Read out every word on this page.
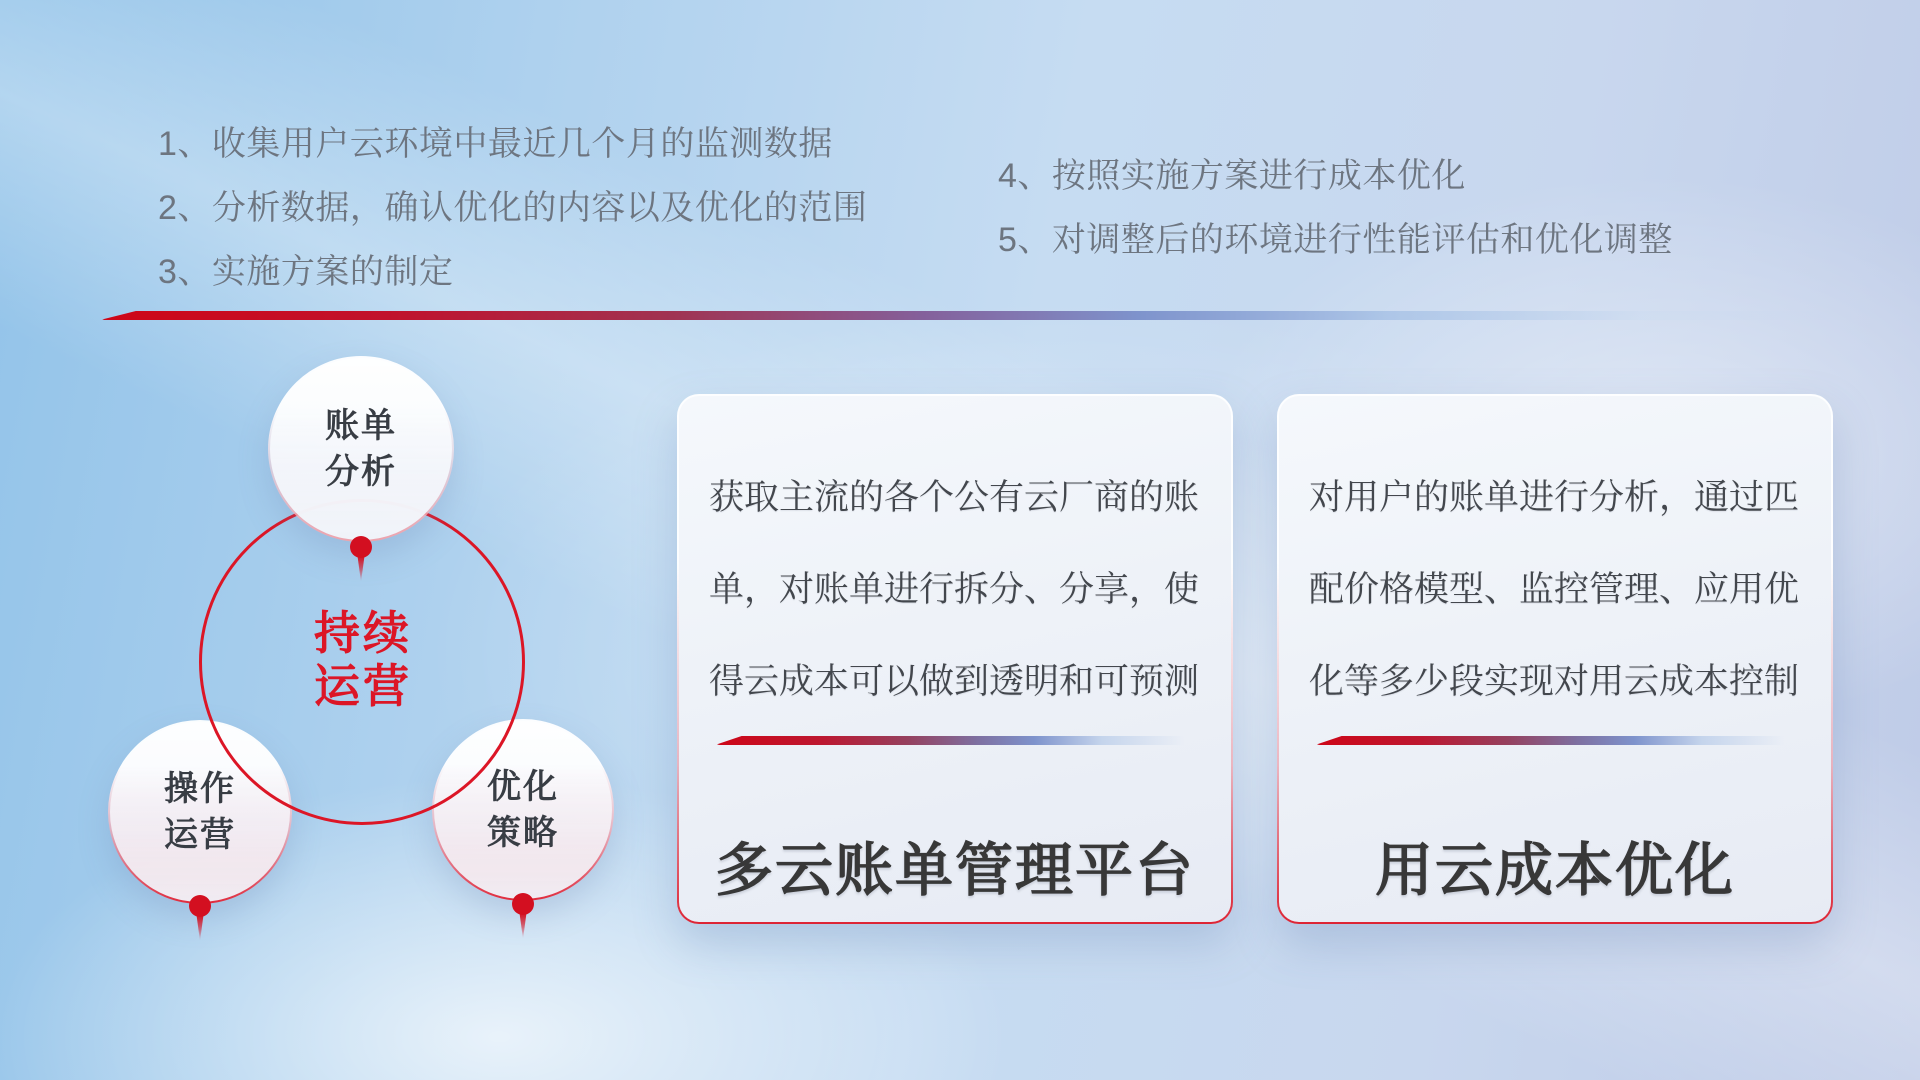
1、收集用户云环境中最近几个月的监测数据
2、分析数据，确认优化的内容以及优化的范围
3、实施方案的制定
4、按照实施方案进行成本优化
5、对调整后的环境进行性能评估和优化调整
持续
运营
账单
分析
操作
运营
优化
策略

获取主流的各个公有云厂商的账单，对账单进行拆分、分享，使得云成本可以做到透明和可预测

多云账单管理平台

对用户的账单进行分析，通过匹配价格模型、监控管理、应用优化等多少段实现对用云成本控制

用云成本优化
